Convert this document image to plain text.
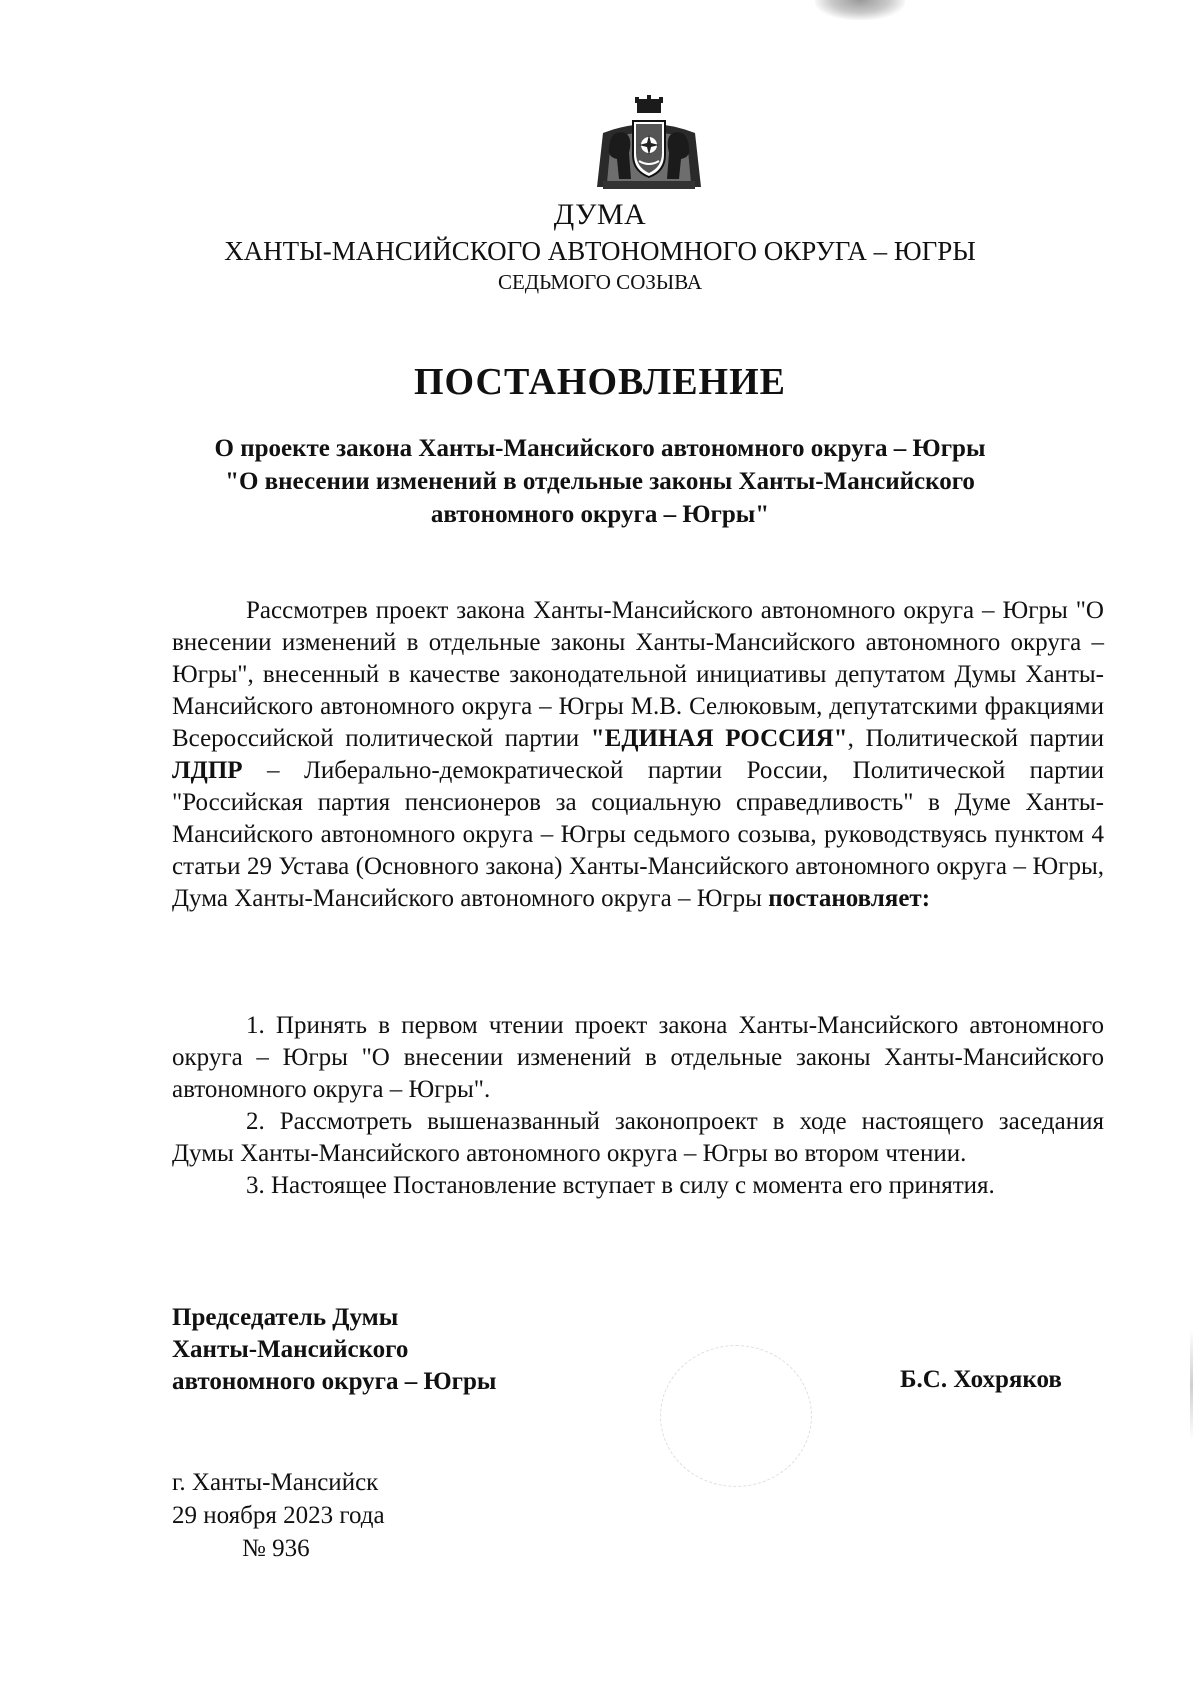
ДУМА
ХАНТЫ-МАНСИЙСКОГО АВТОНОМНОГО ОКРУГА – ЮГРЫ
СЕДЬМОГО СОЗЫВА
ПОСТАНОВЛЕНИЕ
О проекте закона Ханты-Мансийского автономного округа – Югры
"О внесении изменений в отдельные законы Ханты-Мансийского
автономного округа – Югры"
Рассмотрев проект закона Ханты-Мансийского автономного округа – Югры "О внесении изменений в отдельные законы Ханты-Мансийского автономного округа – Югры", внесенный в качестве законодательной инициативы депутатом Думы Ханты-Мансийского автономного округа – Югры М.В. Селюковым, депутатскими фракциями Всероссийской политической партии "ЕДИНАЯ РОССИЯ", Политической партии ЛДПР – Либерально-демократической партии России, Политической партии "Российская партия пенсионеров за социальную справедливость" в Думе Ханты-Мансийского автономного округа – Югры седьмого созыва, руководствуясь пунктом 4 статьи 29 Устава (Основного закона) Ханты-Мансийского автономного округа – Югры, Дума Ханты-Мансийского автономного округа – Югры постановляет:

1. Принять в первом чтении проект закона Ханты-Мансийского автономного округа – Югры "О внесении изменений в отдельные законы Ханты-Мансийского автономного округа – Югры".

2. Рассмотреть вышеназванный законопроект в ходе настоящего заседания Думы Ханты-Мансийского автономного округа – Югры во втором чтении.

3. Настоящее Постановление вступает в силу с момента его принятия.

Председатель Думы
Ханты-Мансийского
автономного округа – Югры	Б.С. Хохряков
г. Ханты-Мансийск
29 ноября 2023 года
№ 936
